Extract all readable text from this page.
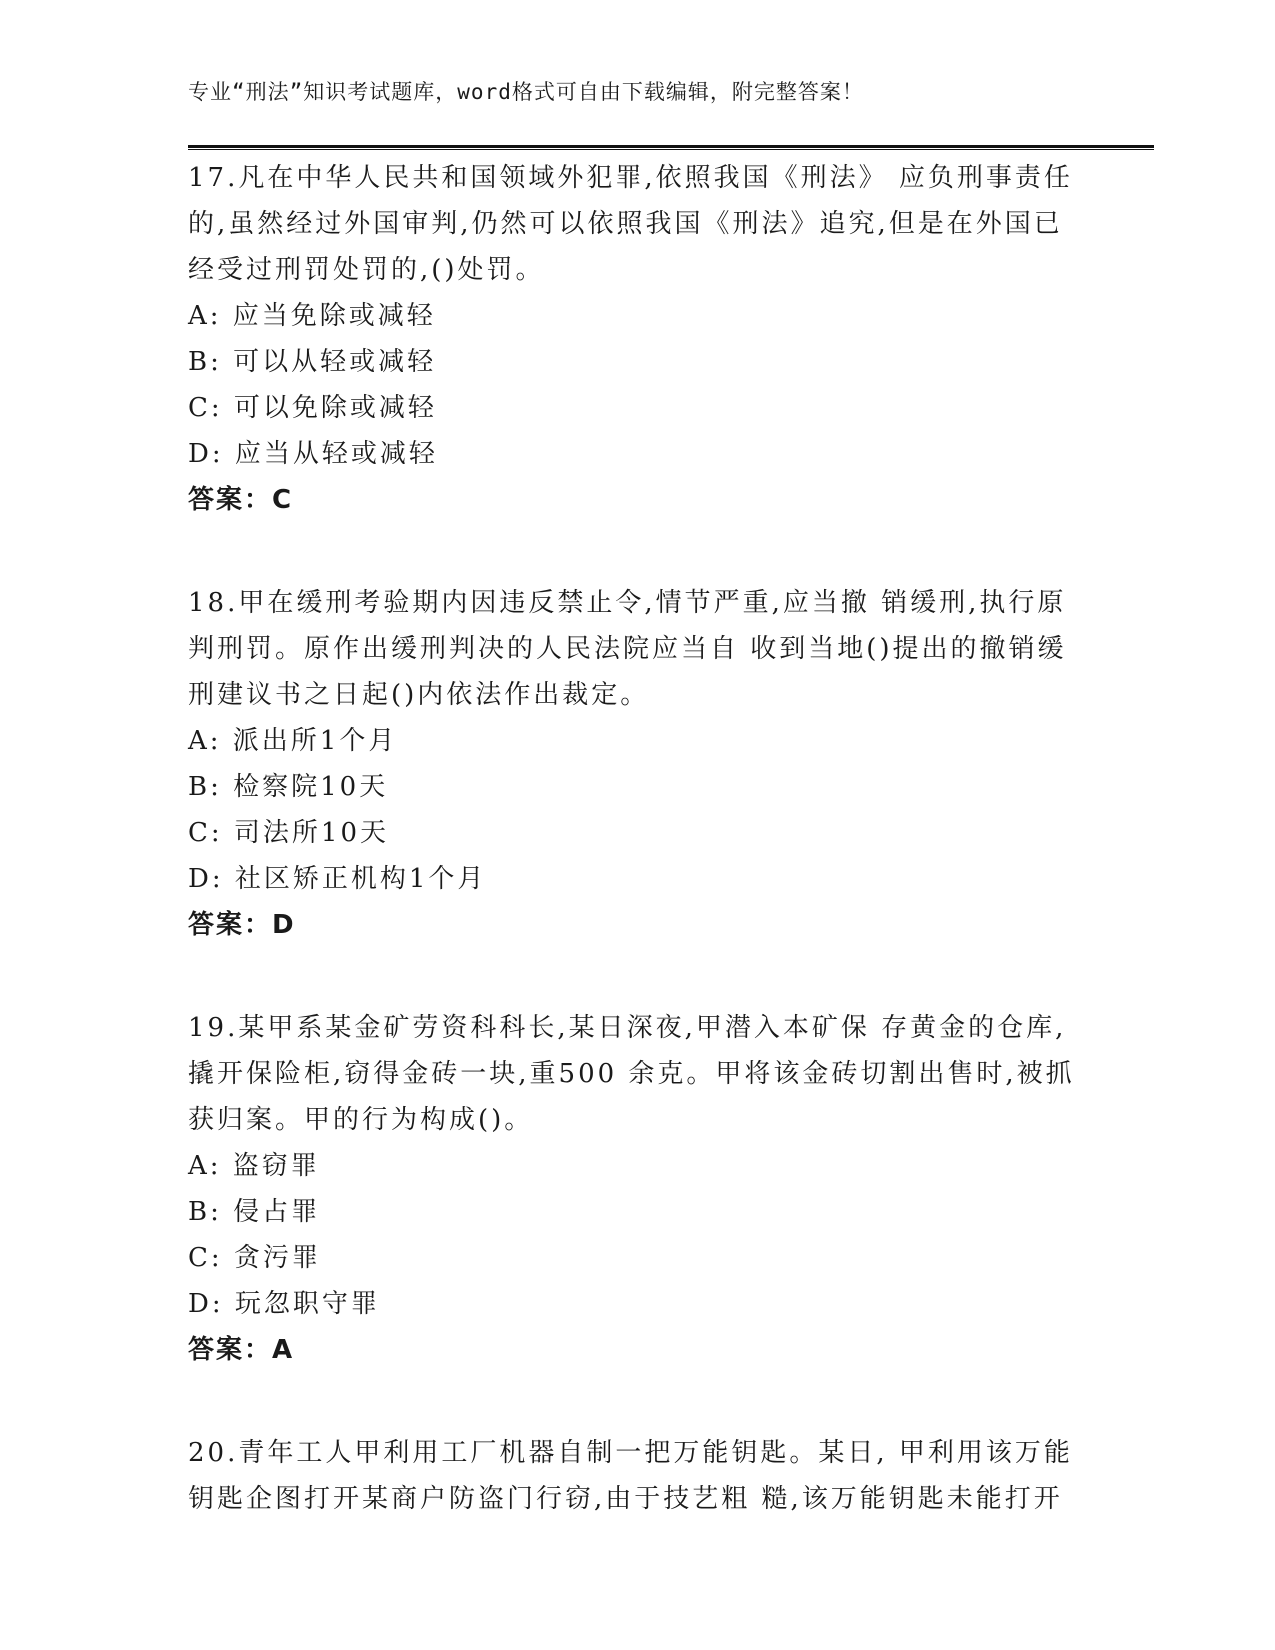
专业“刑法”知识考试题库，word格式可自由下载编辑，附完整答案！

17.凡在中华人民共和国领域外犯罪,依照我国《刑法》 应负刑事责任的,虽然经过外国审判,仍然可以依照我国《刑法》追究,但是在外国已经受过刑罚处罚的,()处罚。

A: 应当免除或减轻

B: 可以从轻或减轻

C: 可以免除或减轻

D: 应当从轻或减轻

答案：C

18.甲在缓刑考验期内因违反禁止令,情节严重,应当撤 销缓刑,执行原判刑罚。原作出缓刑判决的人民法院应当自 收到当地()提出的撤销缓刑建议书之日起()内依法作出裁定。

A: 派出所1个月

B: 检察院10天

C: 司法所10天

D: 社区矫正机构1个月

答案：D

19.某甲系某金矿劳资科科长,某日深夜,甲潜入本矿保 存黄金的仓库,撬开保险柜,窃得金砖一块,重500 余克。甲将该金砖切割出售时,被抓获归案。甲的行为构成()。

A: 盗窃罪

B: 侵占罪

C: 贪污罪

D: 玩忽职守罪

答案：A

20.青年工人甲利用工厂机器自制一把万能钥匙。某日, 甲利用该万能钥匙企图打开某商户防盗门行窃,由于技艺粗 糙,该万能钥匙未能打开
